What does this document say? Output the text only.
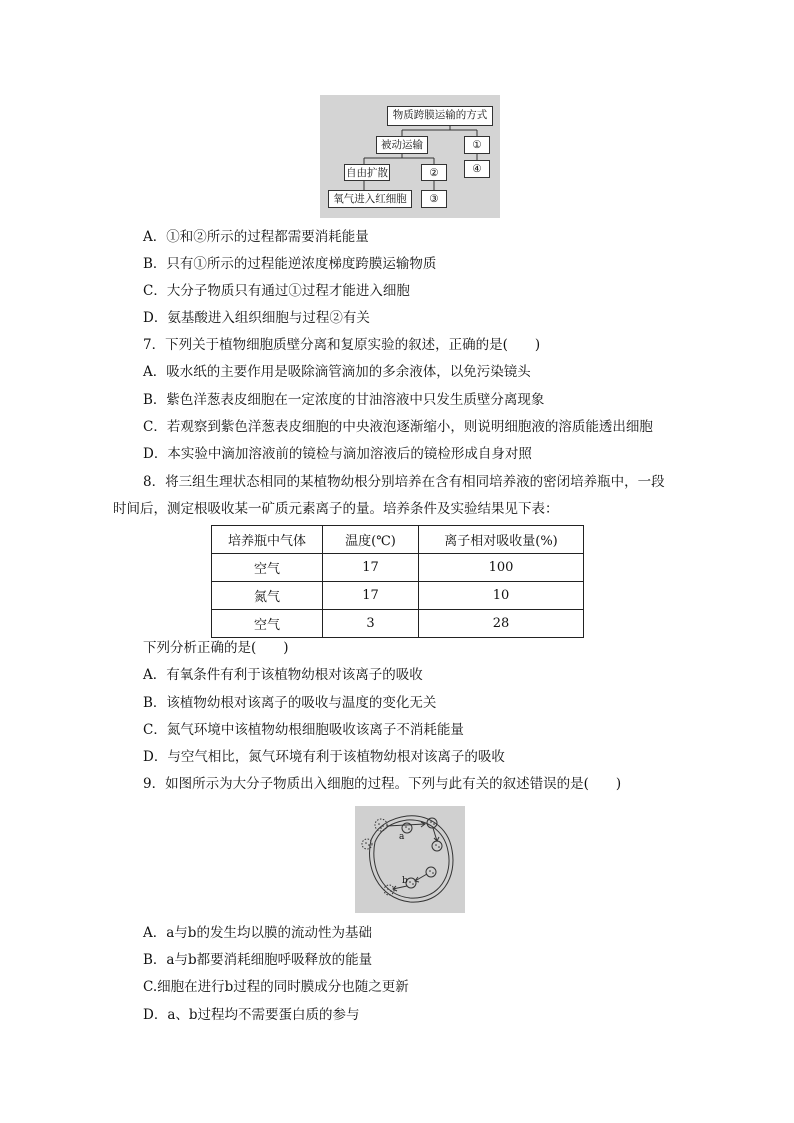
物质跨膜运输的方式
被动运输	①
④
自由扩散	②
氧气进入红细胞	③
A．①和②所示的过程都需要消耗能量
B．只有①所示的过程能逆浓度梯度跨膜运输物质
C．大分子物质只有通过①过程才能进入细胞
D．氨基酸进入组织细胞与过程②有关
7．下列关于植物细胞质壁分离和复原实验的叙述，正确的是(　　)
A．吸水纸的主要作用是吸除滴管滴加的多余液体，以免污染镜头
B．紫色洋葱表皮细胞在一定浓度的甘油溶液中只发生质壁分离现象
C．若观察到紫色洋葱表皮细胞的中央液泡逐渐缩小，则说明细胞液的溶质能透出细胞
D．本实验中滴加溶液前的镜检与滴加溶液后的镜检形成自身对照
8．将三组生理状态相同的某植物幼根分别培养在含有相同培养液的密闭培养瓶中，一段
时间后，测定根吸收某一矿质元素离子的量。培养条件及实验结果见下表：
培养瓶中气体	温度(℃)	离子相对吸收量(%)
空气	17	100
氮气	17	10
空气	3	28
下列分析正确的是(　　)
A．有氧条件有利于该植物幼根对该离子的吸收
B．该植物幼根对该离子的吸收与温度的变化无关
C．氮气环境中该植物幼根细胞吸收该离子不消耗能量
D．与空气相比，氮气环境有利于该植物幼根对该离子的吸收
9．如图所示为大分子物质出入细胞的过程。下列与此有关的叙述错误的是(　　)
a
b
A．a与b的发生均以膜的流动性为基础
B．a与b都要消耗细胞呼吸释放的能量
C.细胞在进行b过程的同时膜成分也随之更新
D．a、b过程均不需要蛋白质的参与
